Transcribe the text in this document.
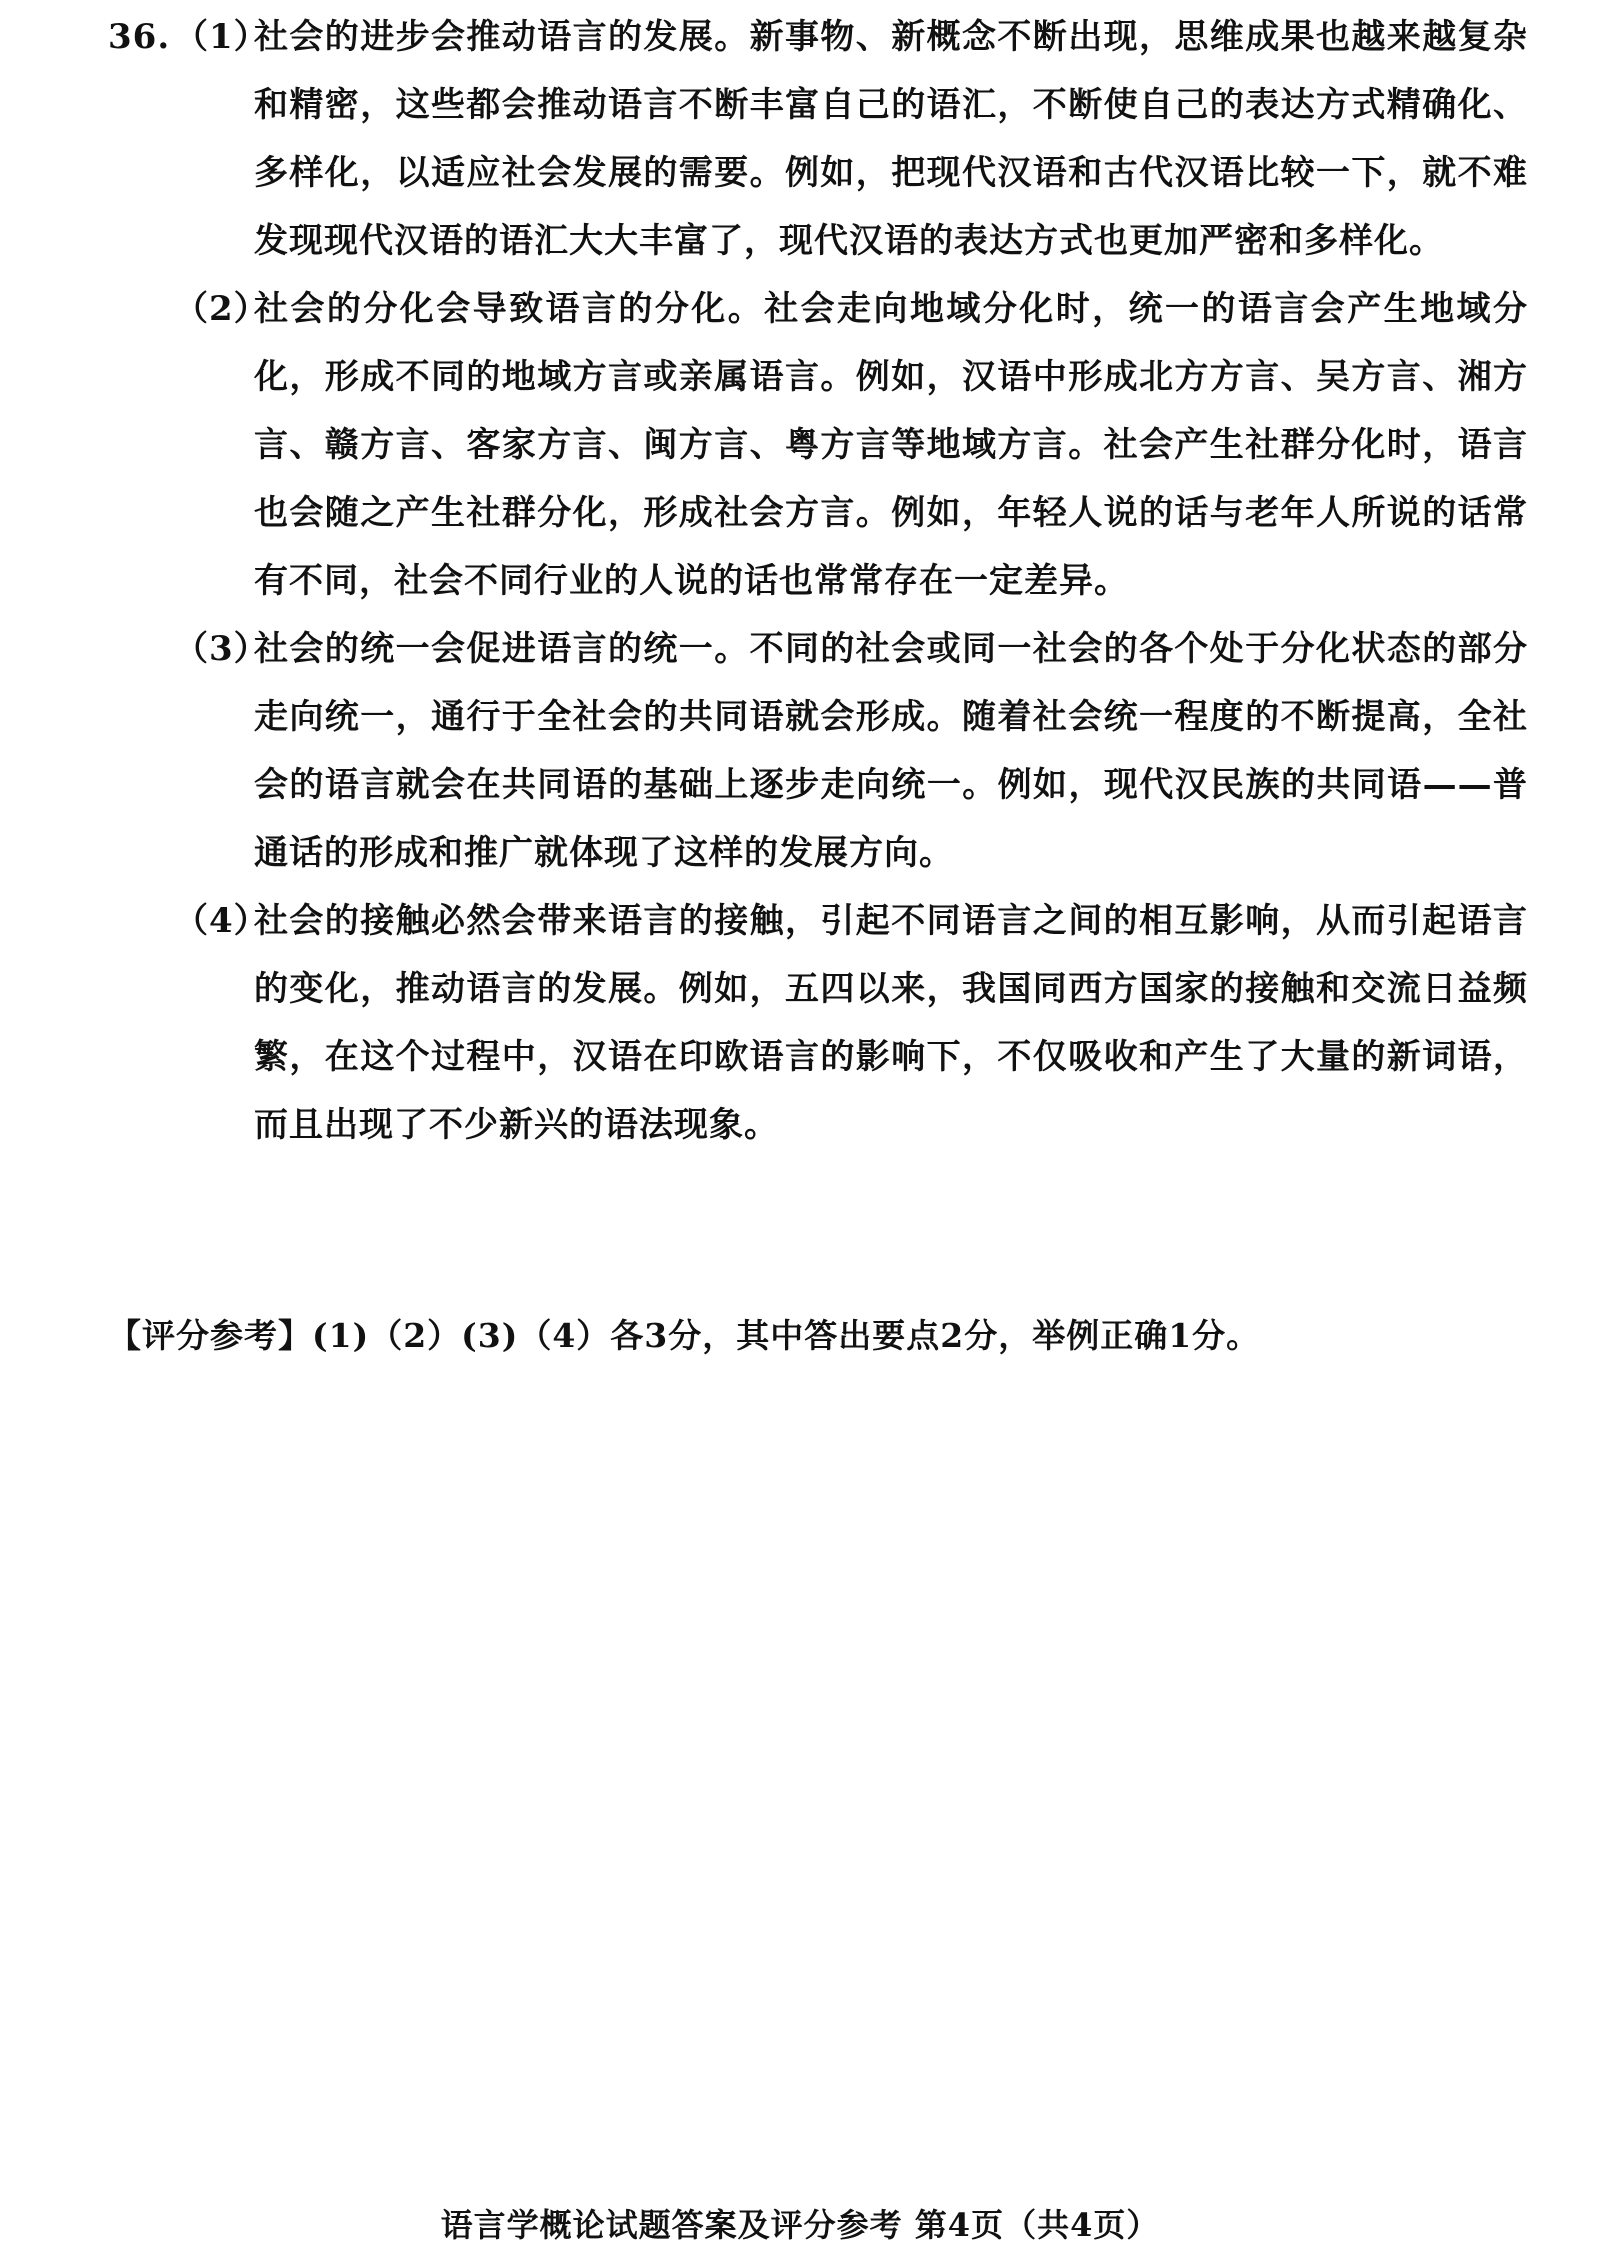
36. （1）
社会的进步会推动语言的发展。新事物、新概念不断出现，思维成果也越来越复杂和精密，这些都会推动语言不断丰富自己的语汇，不断使自己的表达方式精确化、多样化，以适应社会发展的需要。例如，把现代汉语和古代汉语比较一下，就不难发现现代汉语的语汇大大丰富了，现代汉语的表达方式也更加严密和多样化。
（2）
社会的分化会导致语言的分化。社会走向地域分化时，统一的语言会产生地域分化，形成不同的地域方言或亲属语言。例如，汉语中形成北方方言、吴方言、湘方言、赣方言、客家方言、闽方言、粤方言等地域方言。社会产生社群分化时，语言也会随之产生社群分化，形成社会方言。例如，年轻人说的话与老年人所说的话常有不同，社会不同行业的人说的话也常常存在一定差异。
（3）
社会的统一会促进语言的统一。不同的社会或同一社会的各个处于分化状态的部分走向统一，通行于全社会的共同语就会形成。随着社会统一程度的不断提高，全社会的语言就会在共同语的基础上逐步走向统一。例如，现代汉民族的共同语——普通话的形成和推广就体现了这样的发展方向。
（4）
社会的接触必然会带来语言的接触，引起不同语言之间的相互影响，从而引起语言的变化，推动语言的发展。例如，五四以来，我国同西方国家的接触和交流日益频繁，在这个过程中，汉语在印欧语言的影响下，不仅吸收和产生了大量的新词语，而且出现了不少新兴的语法现象。
【评分参考】(1)（2）(3)（4）各3分，其中答出要点2分，举例正确1分。
语言学概论试题答案及评分参考 第4页（共4页）
